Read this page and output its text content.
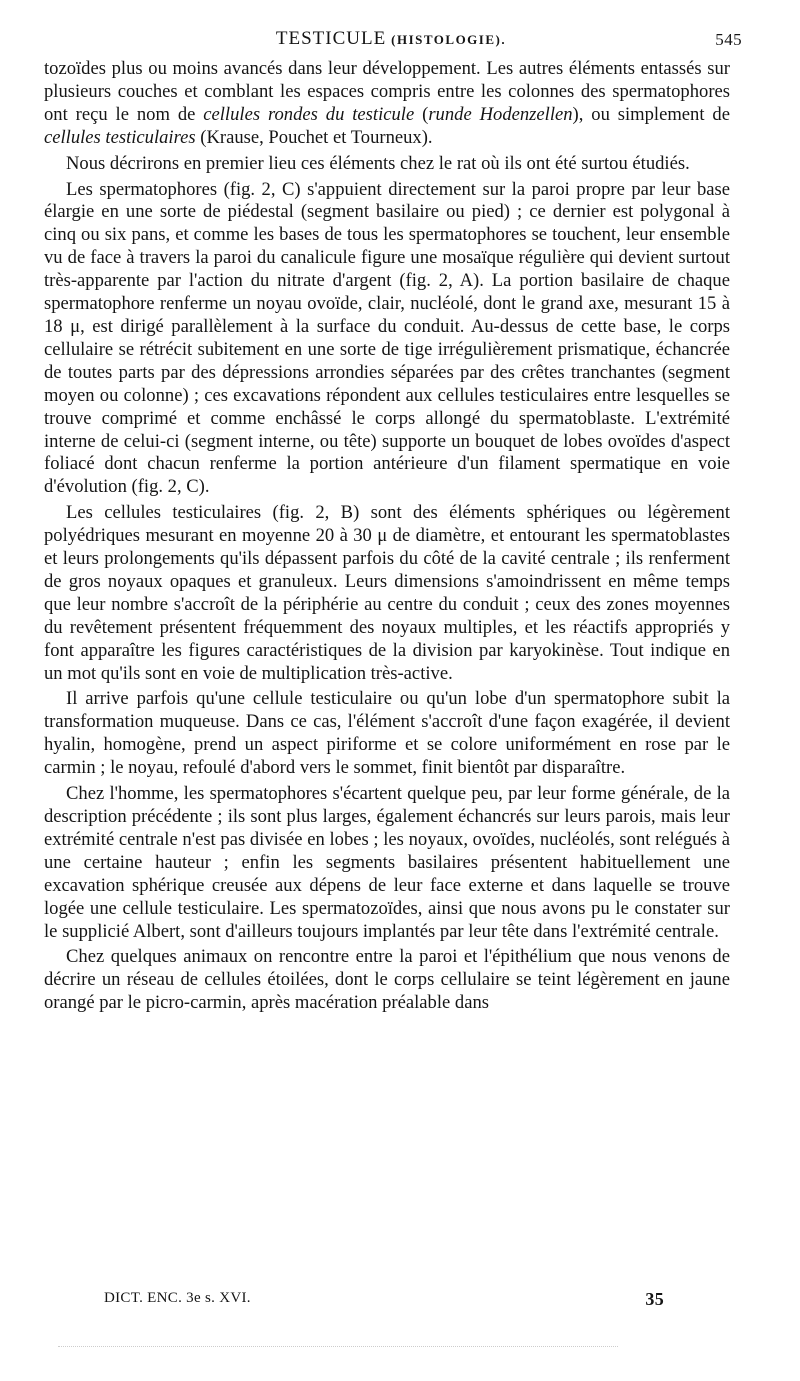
TESTICULE (HISTOLOGIE).	545

tozoïdes plus ou moins avancés dans leur développement. Les autres éléments entassés sur plusieurs couches et comblant les espaces compris entre les colonnes des spermatophores ont reçu le nom de cellules rondes du testicule (runde Hodenzellen), ou simplement de cellules testiculaires (Krause, Pouchet et Tourneux).

Nous décrirons en premier lieu ces éléments chez le rat où ils ont été surtou étudiés.

Les spermatophores (fig. 2, C) s'appuient directement sur la paroi propre par leur base élargie en une sorte de piédestal (segment basilaire ou pied) ; ce dernier est polygonal à cinq ou six pans, et comme les bases de tous les spermatophores se touchent, leur ensemble vu de face à travers la paroi du canalicule figure une mosaïque régulière qui devient surtout très-apparente par l'action du nitrate d'argent (fig. 2, A). La portion basilaire de chaque spermatophore renferme un noyau ovoïde, clair, nucléolé, dont le grand axe, mesurant 15 à 18 μ, est dirigé parallèlement à la surface du conduit. Au-dessus de cette base, le corps cellulaire se rétrécit subitement en une sorte de tige irrégulièrement prismatique, échancrée de toutes parts par des dépressions arrondies séparées par des crêtes tranchantes (segment moyen ou colonne) ; ces excavations répondent aux cellules testiculaires entre lesquelles se trouve comprimé et comme enchâssé le corps allongé du spermatoblaste. L'extrémité interne de celui-ci (segment interne, ou tête) supporte un bouquet de lobes ovoïdes d'aspect foliacé dont chacun renferme la portion antérieure d'un filament spermatique en voie d'évolution (fig. 2, C).

Les cellules testiculaires (fig. 2, B) sont des éléments sphériques ou légèrement polyédriques mesurant en moyenne 20 à 30 μ de diamètre, et entourant les spermatoblastes et leurs prolongements qu'ils dépassent parfois du côté de la cavité centrale ; ils renferment de gros noyaux opaques et granuleux. Leurs dimensions s'amoindrissent en même temps que leur nombre s'accroît de la périphérie au centre du conduit ; ceux des zones moyennes du revêtement présentent fréquemment des noyaux multiples, et les réactifs appropriés y font apparaître les figures caractéristiques de la division par karyokinèse. Tout indique en un mot qu'ils sont en voie de multiplication très-active.

Il arrive parfois qu'une cellule testiculaire ou qu'un lobe d'un spermatophore subit la transformation muqueuse. Dans ce cas, l'élément s'accroît d'une façon exagérée, il devient hyalin, homogène, prend un aspect piriforme et se colore uniformément en rose par le carmin ; le noyau, refoulé d'abord vers le sommet, finit bientôt par disparaître.

Chez l'homme, les spermatophores s'écartent quelque peu, par leur forme générale, de la description précédente ; ils sont plus larges, également échancrés sur leurs parois, mais leur extrémité centrale n'est pas divisée en lobes ; les noyaux, ovoïdes, nucléolés, sont relégués à une certaine hauteur ; enfin les segments basilaires présentent habituellement une excavation sphérique creusée aux dépens de leur face externe et dans laquelle se trouve logée une cellule testiculaire. Les spermatozoïdes, ainsi que nous avons pu le constater sur le supplicié Albert, sont d'ailleurs toujours implantés par leur tête dans l'extrémité centrale.

Chez quelques animaux on rencontre entre la paroi et l'épithélium que nous venons de décrire un réseau de cellules étoilées, dont le corps cellulaire se teint légèrement en jaune orangé par le picro-carmin, après macération préalable dans

DICT. ENC. 3e s. XVI.	35
